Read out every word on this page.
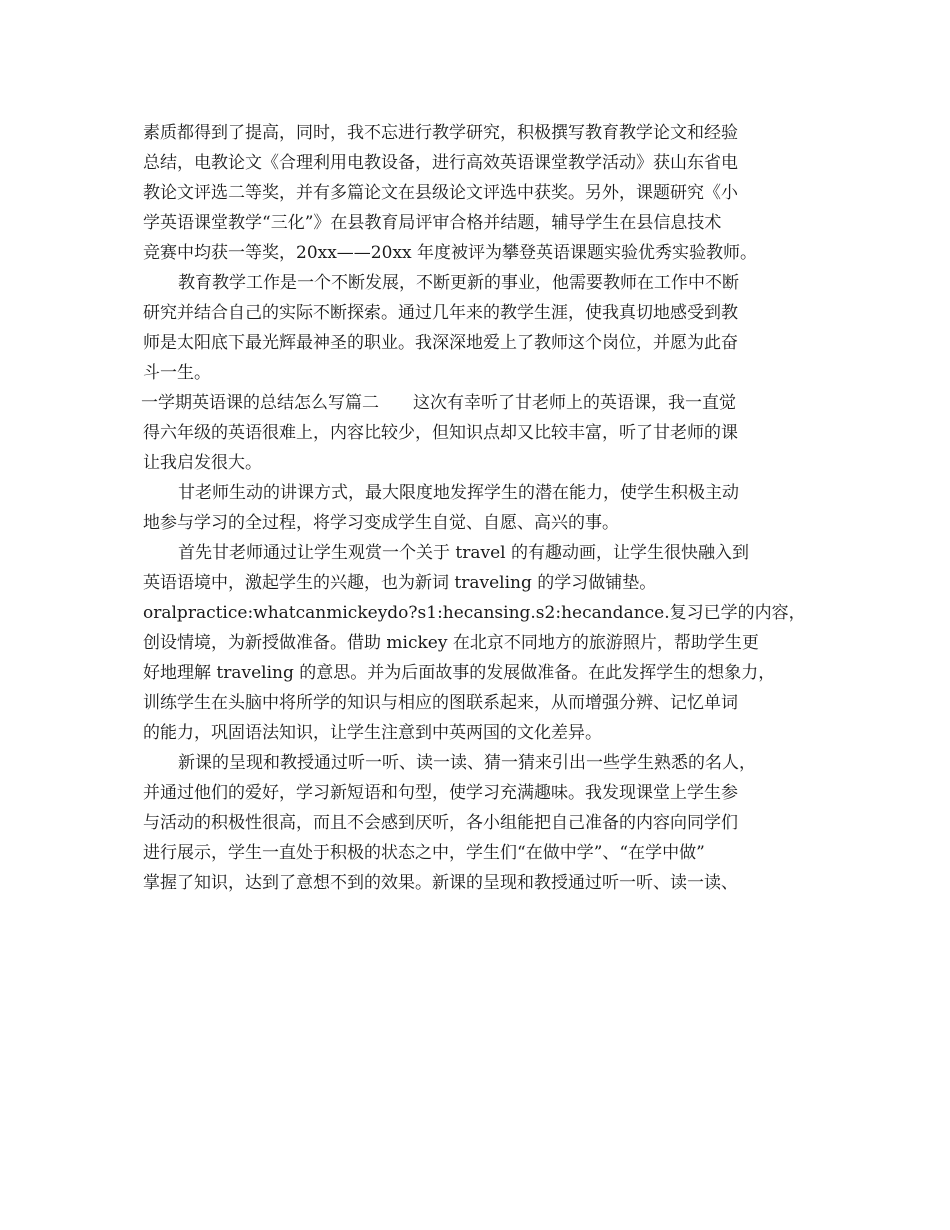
素质都得到了提高，同时，我不忘进行教学研究，积极撰写教育教学论文和经验
总结，电教论文《合理利用电教设备，进行高效英语课堂教学活动》获山东省电
教论文评选二等奖，并有多篇论文在县级论文评选中获奖。另外，课题研究《小
学英语课堂教学“三化”》在县教育局评审合格并结题，辅导学生在县信息技术
竞赛中均获一等奖，20xx——20xx 年度被评为攀登英语课题实验优秀实验教师。
教育教学工作是一个不断发展，不断更新的事业，他需要教师在工作中不断
研究并结合自己的实际不断探索。通过几年来的教学生涯，使我真切地感受到教
师是太阳底下最光辉最神圣的职业。我深深地爱上了教师这个岗位，并愿为此奋
斗一生。
一学期英语课的总结怎么写篇二　　这次有幸听了甘老师上的英语课，我一直觉
得六年级的英语很难上，内容比较少，但知识点却又比较丰富，听了甘老师的课
让我启发很大。
甘老师生动的讲课方式，最大限度地发挥学生的潜在能力，使学生积极主动
地参与学习的全过程，将学习变成学生自觉、自愿、高兴的事。
首先甘老师通过让学生观赏一个关于 travel 的有趣动画，让学生很快融入到
英语语境中，激起学生的兴趣，也为新词 traveling 的学习做铺垫。
oralpractice:whatcanmickeydo?s1:hecansing.s2:hecandance.复习已学的内容，
创设情境，为新授做准备。借助 mickey 在北京不同地方的旅游照片，帮助学生更
好地理解 traveling 的意思。并为后面故事的发展做准备。在此发挥学生的想象力，
训练学生在头脑中将所学的知识与相应的图联系起来，从而增强分辨、记忆单词
的能力，巩固语法知识，让学生注意到中英两国的文化差异。
新课的呈现和教授通过听一听、读一读、猜一猜来引出一些学生熟悉的名人，
并通过他们的爱好，学习新短语和句型，使学习充满趣味。我发现课堂上学生参
与活动的积极性很高，而且不会感到厌听，各小组能把自己准备的内容向同学们
进行展示，学生一直处于积极的状态之中，学生们“在做中学”、“在学中做”
掌握了知识，达到了意想不到的效果。新课的呈现和教授通过听一听、读一读、
